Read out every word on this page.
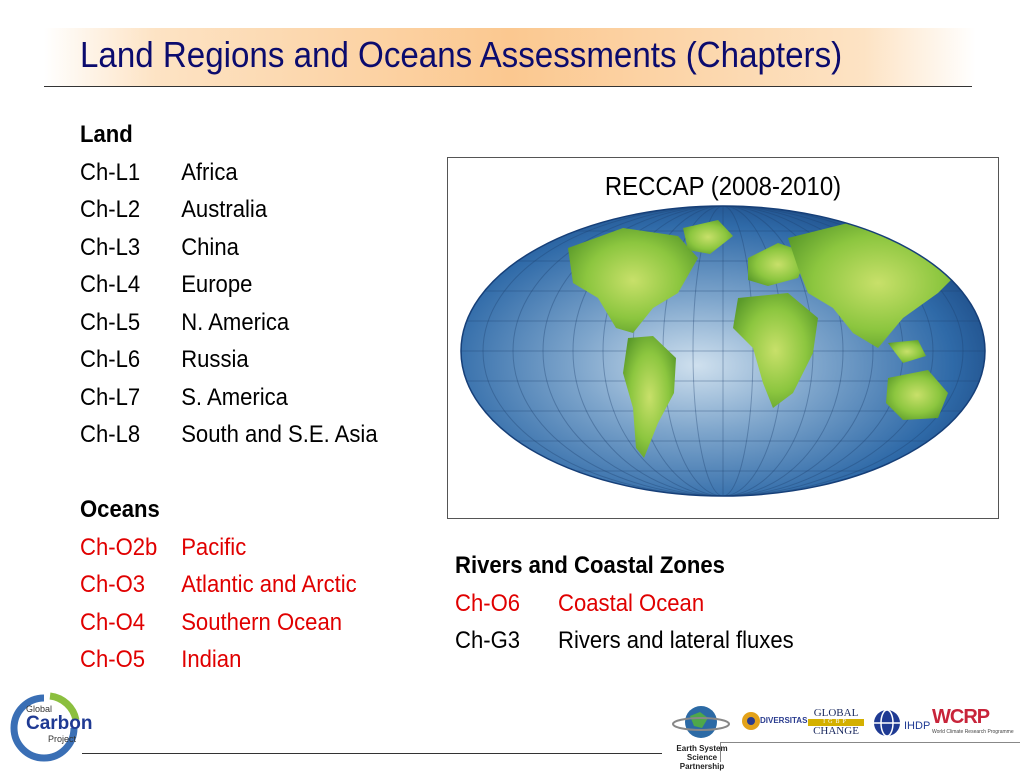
Land Regions and Oceans Assessments (Chapters)
Land
Ch-L1	Africa
Ch-L2	Australia
Ch-L3	China
Ch-L4	Europe
Ch-L5	N. America
Ch-L6	Russia
Ch-L7	S. America
Ch-L8	South and S.E. Asia
Oceans
Ch-O2b Pacific
Ch-O3	Atlantic and Arctic
Ch-O4	Southern Ocean
Ch-O5	Indian
RECCAP (2008-2010)
Rivers and Coastal Zones
Ch-O6	Coastal Ocean
Ch-G3	Rivers and lateral fluxes
Global
Carbon
Project
Earth System
Science Partnership
DIVERSITAS
GLOBAL
IGBP
CHANGE	IHDP WCRP
World Climate Research Programme
